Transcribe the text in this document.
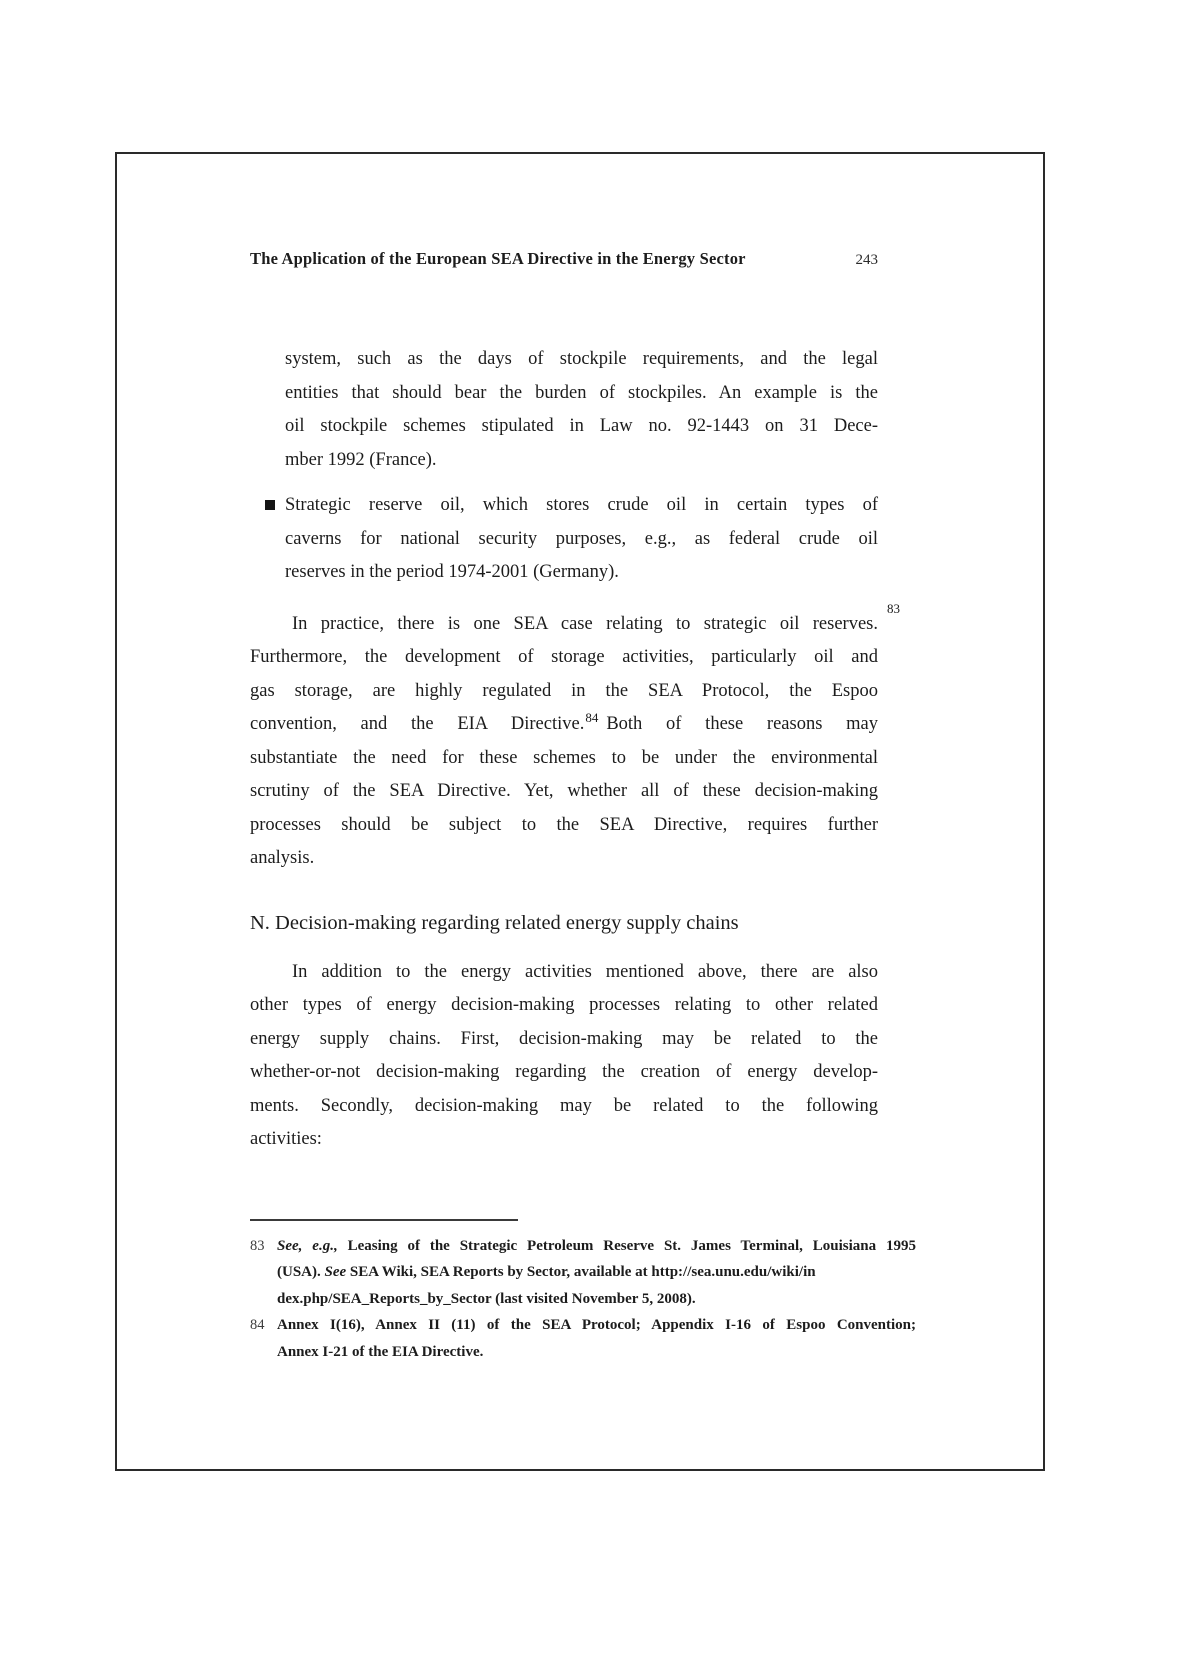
The Application of the European SEA Directive in the Energy Sector	243
system, such as the days of stockpile requirements, and the legal
entities that should bear the burden of stockpiles. An example is the
oil stockpile schemes stipulated in Law no. 92-1443 on 31 Dece-
mber 1992 (France).
Strategic reserve oil, which stores crude oil in certain types of
caverns for national security purposes, e.g., as federal crude oil
reserves in the period 1974-2001 (Germany).
In practice, there is one SEA case relating to strategic oil reserves.
83
Furthermore, the development of storage activities, particularly oil and
gas storage, are highly regulated in the SEA Protocol, the Espoo
convention, and the EIA Directive.$^{84}$ Both of these reasons may
substantiate the need for these schemes to be under the environmental
scrutiny of the SEA Directive. Yet, whether all of these decision-making
processes should be subject to the SEA Directive, requires further
analysis.
N. Decision-making regarding related energy supply chains
In addition to the energy activities mentioned above, there are also
other types of energy decision-making processes relating to other related
energy supply chains. First, decision-making may be related to the
whether-or-not decision-making regarding the creation of energy develop-
ments. Secondly, decision-making may be related to the following
activities:
83 See, e.g., Leasing of the Strategic Petroleum Reserve St. James Terminal, Louisiana 1995
(USA). See SEA Wiki, SEA Reports by Sector, available at http://sea.unu.edu/wiki/in
dex.php/SEA_Reports_by_Sector (last visited November 5, 2008).
84 Annex I(16), Annex II (11) of the SEA Protocol; Appendix I-16 of Espoo Convention;
Annex I-21 of the EIA Directive.
